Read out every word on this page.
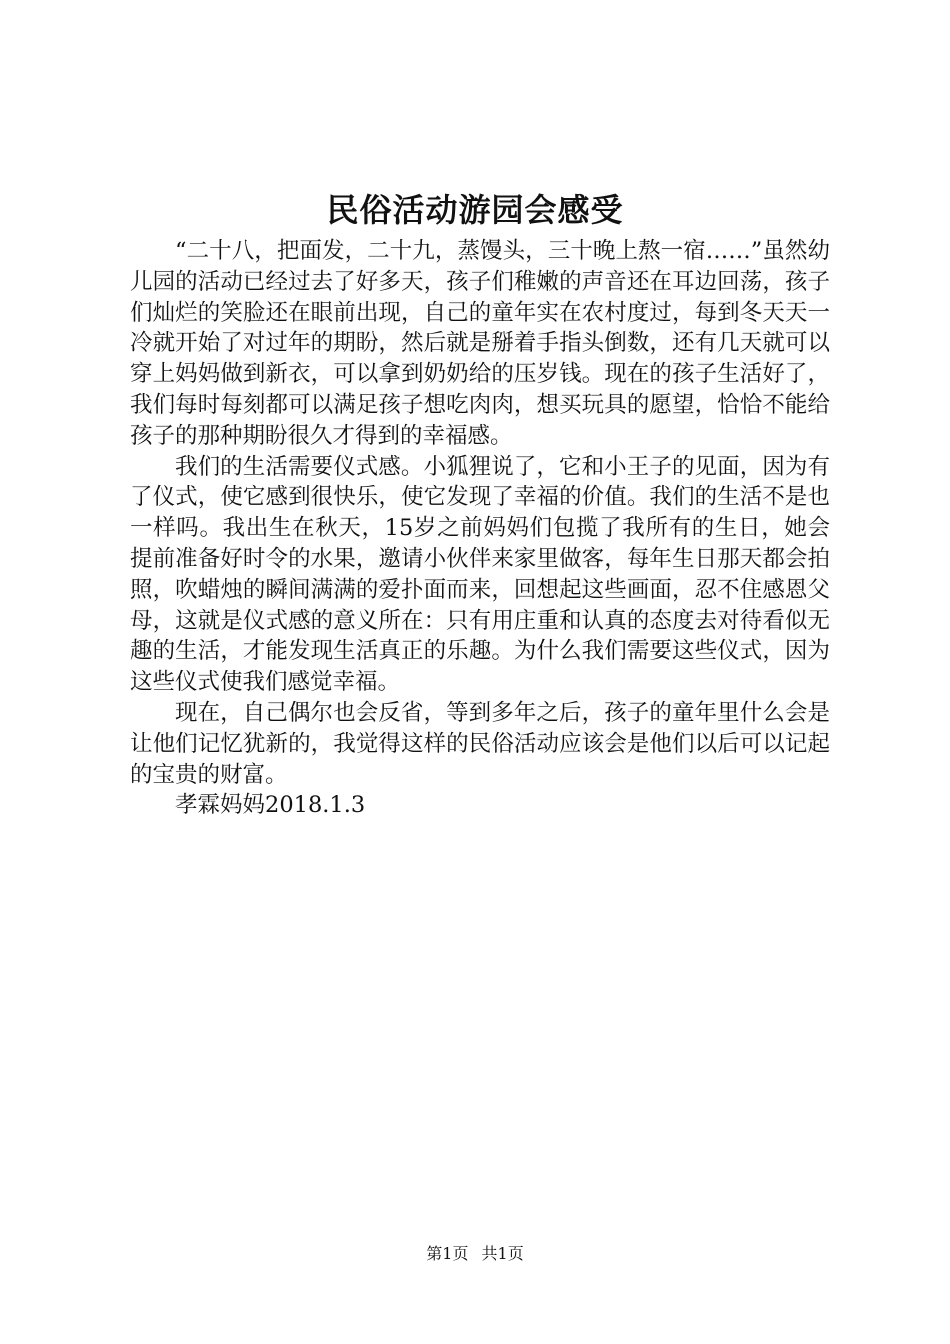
民俗活动游园会感受

“二十八，把面发，二十九，蒸馒头，三十晚上熬一宿……”虽然幼儿园的活动已经过去了好多天，孩子们稚嫩的声音还在耳边回荡，孩子们灿烂的笑脸还在眼前出现，自己的童年实在农村度过，每到冬天天一冷就开始了对过年的期盼，然后就是掰着手指头倒数，还有几天就可以穿上妈妈做到新衣，可以拿到奶奶给的压岁钱。现在的孩子生活好了，我们每时每刻都可以满足孩子想吃肉肉，想买玩具的愿望，恰恰不能给孩子的那种期盼很久才得到的幸福感。

我们的生活需要仪式感。小狐狸说了，它和小王子的见面，因为有了仪式，使它感到很快乐，使它发现了幸福的价值。我们的生活不是也一样吗。我出生在秋天，15岁之前妈妈们包揽了我所有的生日，她会提前准备好时令的水果，邀请小伙伴来家里做客，每年生日那天都会拍照，吹蜡烛的瞬间满满的爱扑面而来，回想起这些画面，忍不住感恩父母，这就是仪式感的意义所在：只有用庄重和认真的态度去对待看似无趣的生活，才能发现生活真正的乐趣。为什么我们需要这些仪式，因为这些仪式使我们感觉幸福。

现在，自己偶尔也会反省，等到多年之后，孩子的童年里什么会是让他们记忆犹新的，我觉得这样的民俗活动应该会是他们以后可以记起的宝贵的财富。

孝霖妈妈2018.1.3

第1页 共1页
